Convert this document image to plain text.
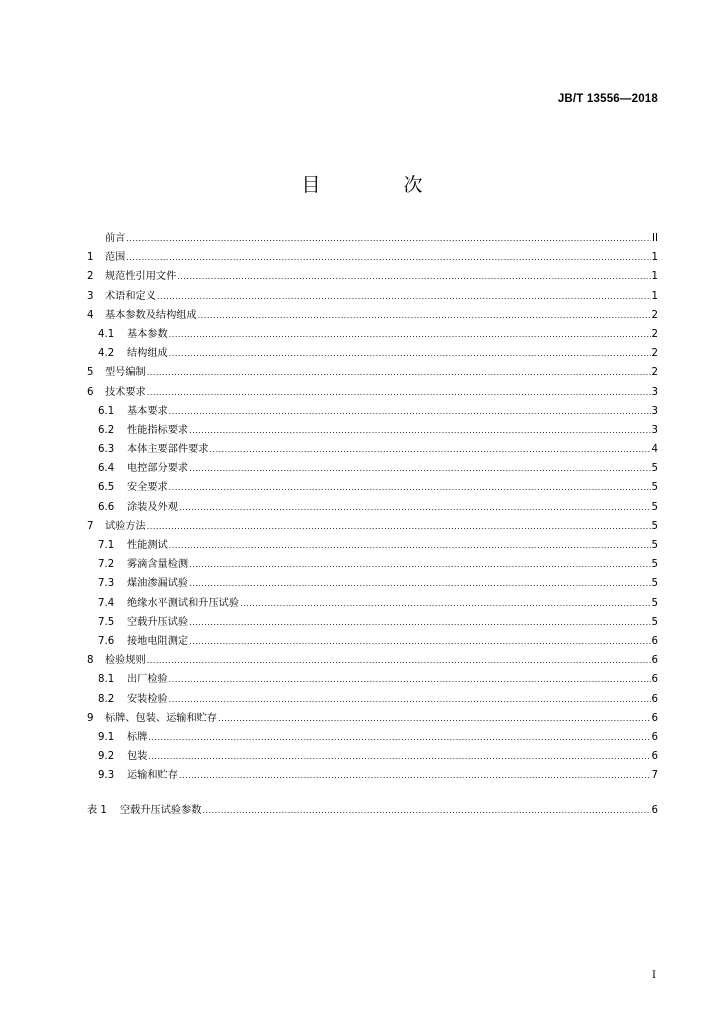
JB/T 13556—2018
目　次
前言 .....	II
1	范围 .....	1
2	规范性引用文件 .....	1
3	术语和定义 .....	1
4	基本参数及结构组成 .....	2
4.1	基本参数 .....	2
4.2	结构组成 .....	2
5	型号编制 .....	2
6	技术要求 .....	3
6.1	基本要求 .....	3
6.2	性能指标要求 .....	3
6.3	本体主要部件要求 .....	4
6.4	电控部分要求 .....	5
6.5	安全要求 .....	5
6.6	涂装及外观 .....	5
7	试验方法 .....	5
7.1	性能测试 .....	5
7.2	雾滴含量检测 .....	5
7.3	煤油渗漏试验 .....	5
7.4	绝缘水平测试和升压试验 .....	5
7.5	空载升压试验 .....	5
7.6	接地电阻测定 .....	6
8	检验规则 .....	6
8.1	出厂检验 .....	6
8.2	安装检验 .....	6
9	标牌、包装、运输和贮存 .....	6
9.1	标牌 .....	6
9.2	包装 .....	6
9.3	运输和贮存 .....	7
表 1	空载升压试验参数 .....	6
I
